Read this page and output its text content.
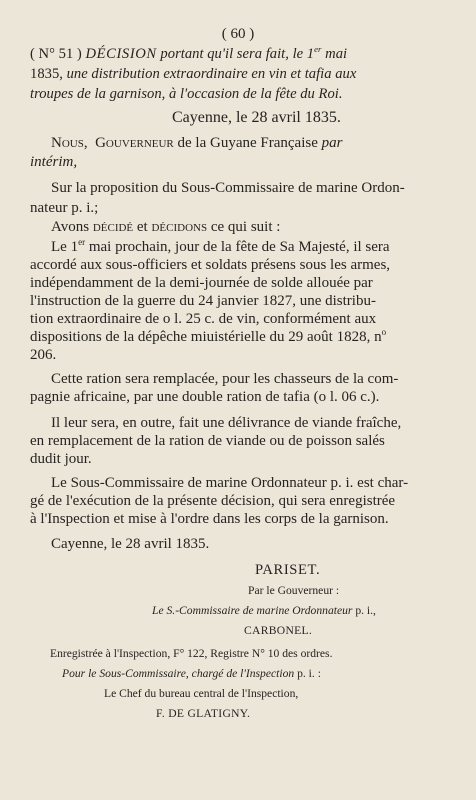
( 60 )
( N° 51 ) DÉCISION portant qu'il sera fait, le 1er mai
1835, une distribution extraordinaire en vin et tafia aux
troupes de la garnison, à l'occasion de la fête du Roi.
Cayenne, le 28 avril 1835.
Nous, Gouverneur de la Guyane Française par
intérim,
Sur la proposition du Sous-Commissaire de marine Ordon-
nateur p. i.;
Avons décidé et décidons ce qui suit :
Le 1er mai prochain, jour de la fête de Sa Majesté, il sera
accordé aux sous-officiers et soldats présens sous les armes,
indépendamment de la demi-journée de solde allouée par
l'instruction de la guerre du 24 janvier 1827, une distribu-
tion extraordinaire de o l. 25 c. de vin, conformément aux
dispositions de la dépêche miuistérielle du 29 août 1828, $n^o$
206.
Cette ration sera remplacée, pour les chasseurs de la com-
pagnie africaine, par une double ration de tafia (o l. 06 c.).
Il leur sera, en outre, fait une délivrance de viande fraîche,
en remplacement de la ration de viande ou de poisson salés
dudit jour.
Le Sous-Commissaire de marine Ordonnateur p. i. est char-
gé de l'exécution de la présente décision, qui sera enregistrée
à l'Inspection et mise à l'ordre dans les corps de la garnison.
Cayenne, le 28 avril 1835.
PARISET.
Par le Gouverneur :
Le S.-Commissaire de marine Ordonnateur p. i.,
CARBONEL.
Enregistrée à l'Inspection, F° 122, Registre N° 10 des ordres.
Pour le Sous-Commissaire, chargé de l'Inspection p. i. :
Le Chef du bureau central de l'Inspection,
F. DE GLATIGNY.
